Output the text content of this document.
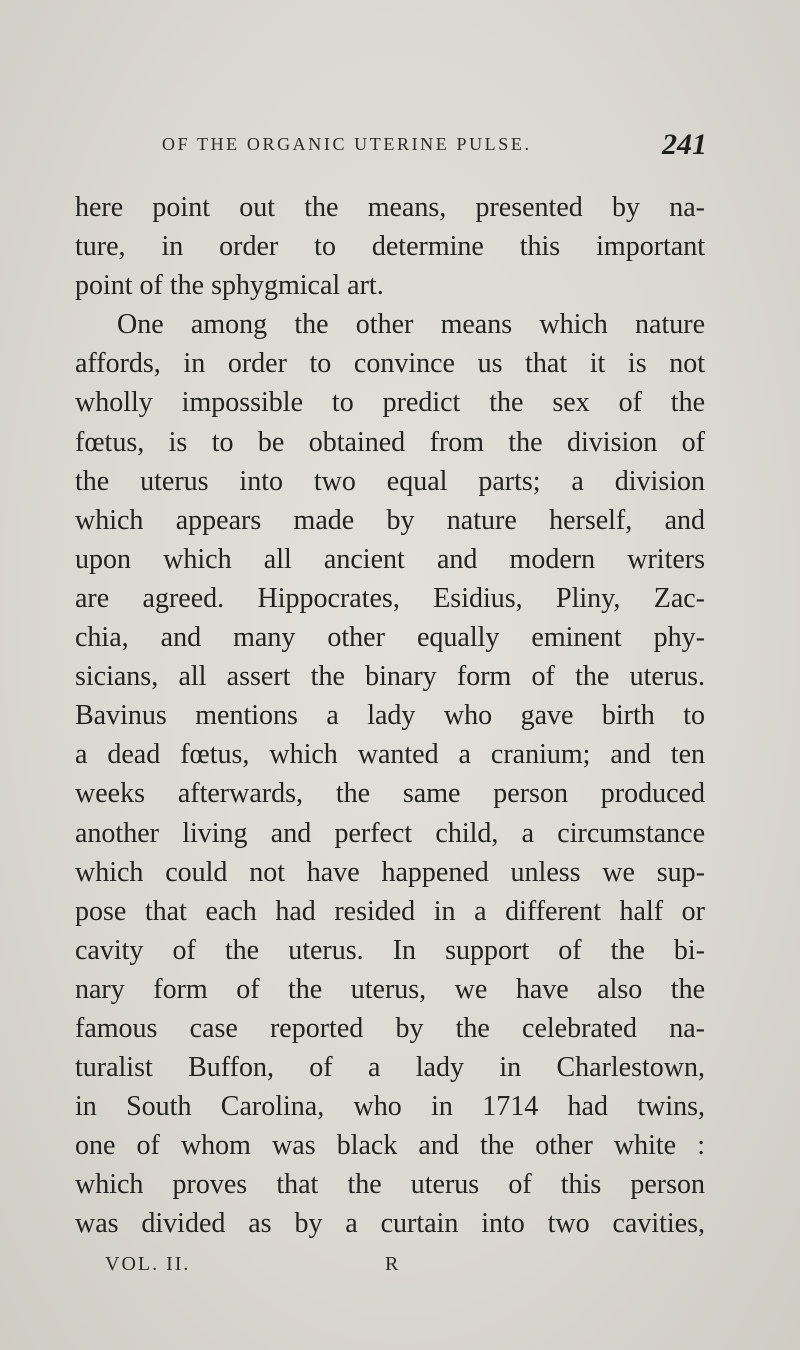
OF THE ORGANIC UTERINE PULSE.	241
here point out the means, presented by na-
ture, in order to determine this important
point of the sphygmical art.
One among the other means which nature
affords, in order to convince us that it is not
wholly impossible to predict the sex of the
fœtus, is to be obtained from the division of
the uterus into two equal parts; a division
which appears made by nature herself, and
upon which all ancient and modern writers
are agreed. Hippocrates, Esidius, Pliny, Zac-
chia, and many other equally eminent phy-
sicians, all assert the binary form of the uterus.
Bavinus mentions a lady who gave birth to
a dead fœtus, which wanted a cranium; and ten
weeks afterwards, the same person produced
another living and perfect child, a circumstance
which could not have happened unless we sup-
pose that each had resided in a different half or
cavity of the uterus. In support of the bi-
nary form of the uterus, we have also the
famous case reported by the celebrated na-
turalist Buffon, of a lady in Charlestown,
in South Carolina, who in 1714 had twins,
one of whom was black and the other white :
which proves that the uterus of this person
was divided as by a curtain into two cavities,
VOL. II.	R
